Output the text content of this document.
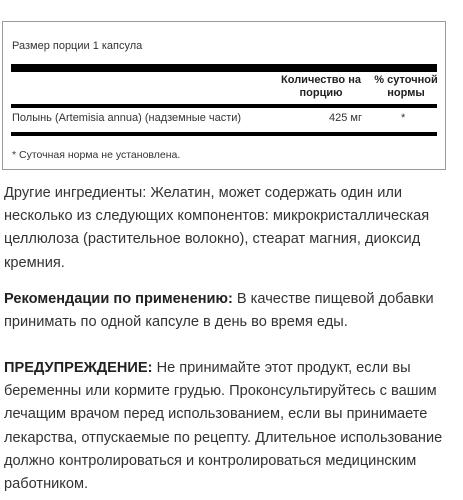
Размер порции 1 капсула
Количество на порцию
% суточной нормы
Полынь (Artemisia annua) (надземные части)	425 мг	*
* Суточная норма не установлена.
Другие ингредиенты: Желатин, может содержать один или несколько из следующих компонентов: микрокристаллическая целлюлоза (растительное волокно), стеарат магния, диоксид кремния.
Рекомендации по применению: В качестве пищевой добавки принимать по одной капсуле в день во время еды.
ПРЕДУПРЕЖДЕНИЕ: Не принимайте этот продукт, если вы беременны или кормите грудью. Проконсультируйтесь с вашим лечащим врачом перед использованием, если вы принимаете лекарства, отпускаемые по рецепту. Длительное использование должно контролироваться и контролироваться медицинским работником.
